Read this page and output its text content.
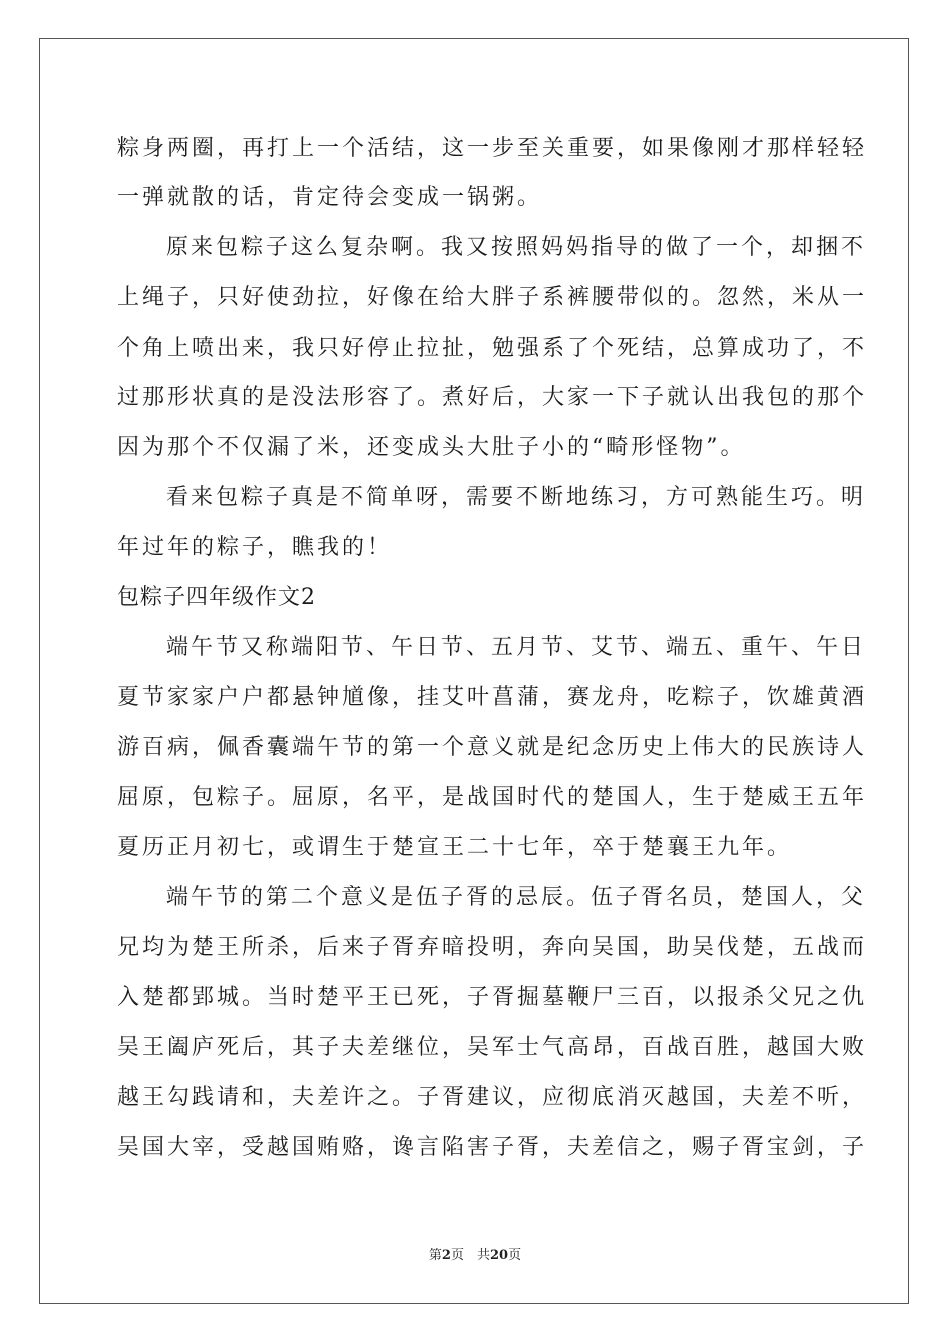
粽身两圈，再打上一个活结，这一步至关重要，如果像刚才那样轻轻
一弹就散的话，肯定待会变成一锅粥。
原来包粽子这么复杂啊。我又按照妈妈指导的做了一个，却捆不
上绳子，只好使劲拉，好像在给大胖子系裤腰带似的。忽然，米从一
个角上喷出来，我只好停止拉扯，勉强系了个死结，总算成功了，不
过那形状真的是没法形容了。煮好后，大家一下子就认出我包的那个
因为那个不仅漏了米，还变成头大肚子小的“畸形怪物”。
看来包粽子真是不简单呀，需要不断地练习，方可熟能生巧。明
年过年的粽子，瞧我的！
包粽子四年级作文2
端午节又称端阳节、午日节、五月节、艾节、端五、重午、午日
夏节家家户户都悬钟馗像，挂艾叶菖蒲，赛龙舟，吃粽子，饮雄黄酒
游百病，佩香囊端午节的第一个意义就是纪念历史上伟大的民族诗人
屈原，包粽子。屈原，名平，是战国时代的楚国人，生于楚威王五年
夏历正月初七，或谓生于楚宣王二十七年，卒于楚襄王九年。
端午节的第二个意义是伍子胥的忌辰。伍子胥名员，楚国人，父
兄均为楚王所杀，后来子胥弃暗投明，奔向吴国，助吴伐楚，五战而
入楚都郢城。当时楚平王已死，子胥掘墓鞭尸三百，以报杀父兄之仇
吴王阖庐死后，其子夫差继位，吴军士气高昂，百战百胜，越国大败
越王勾践请和，夫差许之。子胥建议，应彻底消灭越国，夫差不听，
吴国大宰，受越国贿赂，谗言陷害子胥，夫差信之，赐子胥宝剑，子
第2页　共20页
